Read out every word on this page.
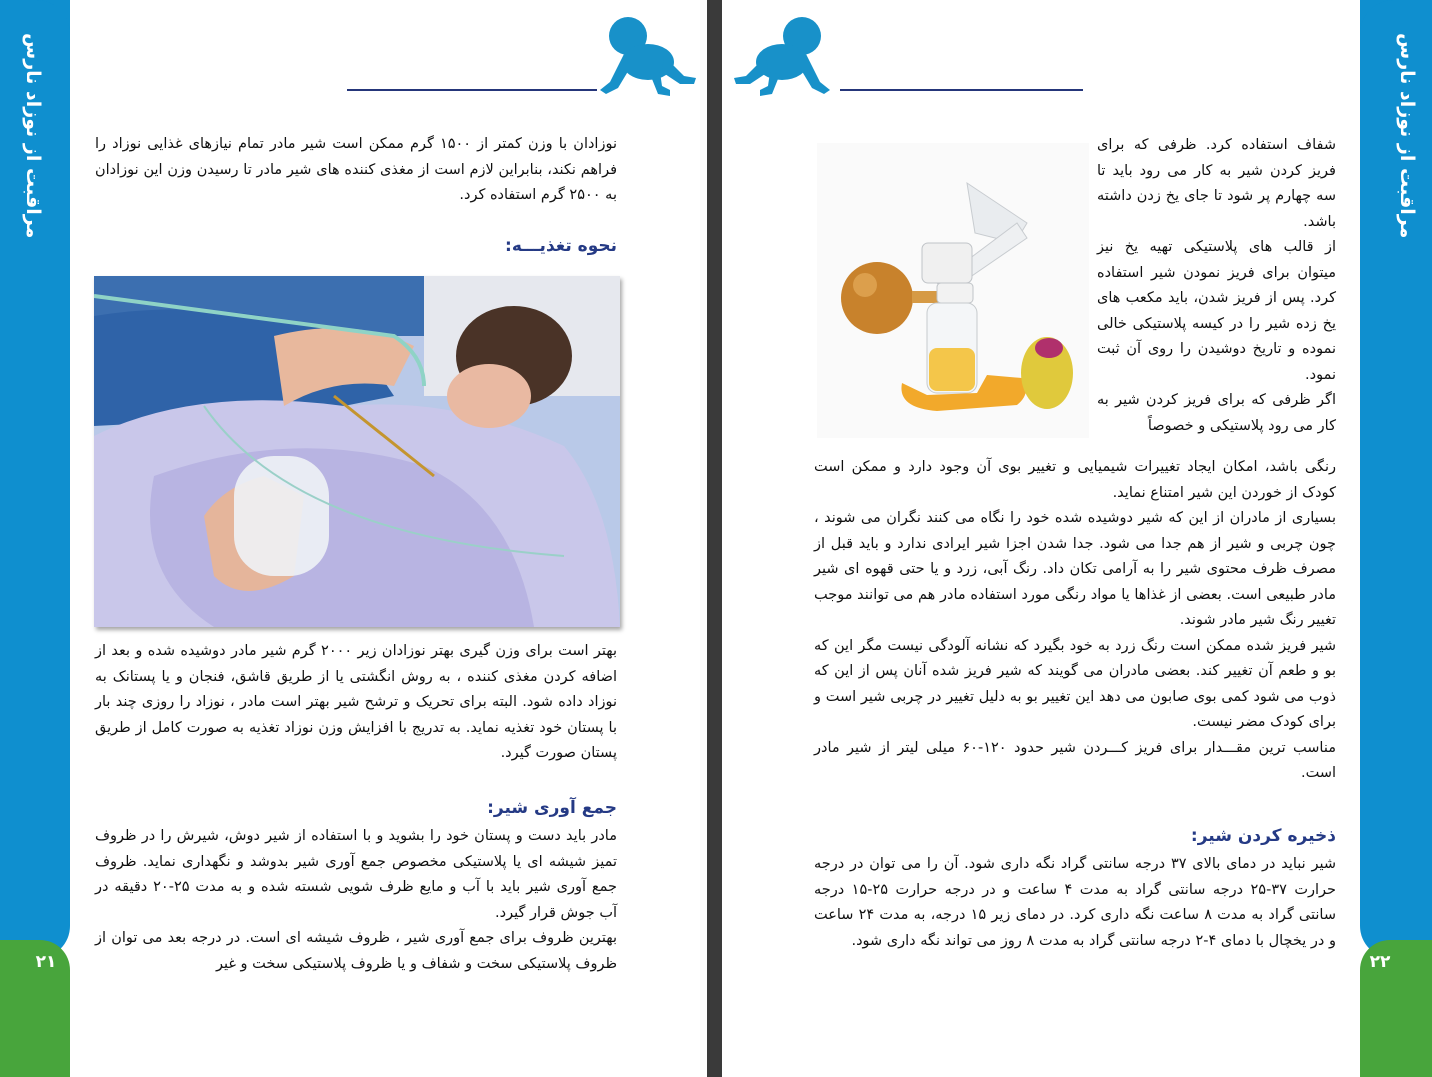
مراقبت از نوزاد نارس
۲۱
نوزادان با وزن کمتر از ۱۵۰۰ گرم ممکن است شیر مادر تمام نیازهای غذایی نوزاد را فراهم نکند، بنابراین لازم است از مغذی کننده های شیر مادر تا رسیدن وزن این نوزادان به ۲۵۰۰ گرم استفاده کرد.
نحوه تغذیـــه:
بهتر است برای وزن گیری بهتر نوزادان زیر ۲۰۰۰ گرم شیر مادر دوشیده شده و بعد از اضافه کردن مغذی کننده ، به روش انگشتی یا از طریق قاشق، فنجان و یا پستانک به نوزاد داده شود. البته برای تحریک و ترشح شیر بهتر است مادر ، نوزاد را روزی چند بار با پستان خود تغذیه نماید. به تدریج با افزایش وزن نوزاد تغذیه به صورت کامل از طریق پستان صورت گیرد.
جمع آوری شیر:

مادر باید دست و پستان خود را بشوید و با استفاده از شیر دوش، شیرش را در ظروف تمیز شیشه ای یا پلاستیکی مخصوص جمع آوری شیر بدوشد و نگهداری نماید. ظروف جمع آوری شیر باید با آب و مایع ظرف شویی شسته شده و به مدت ۲۵-۲۰ دقیقه در آب جوش قرار گیرد.

بهترین ظروف برای جمع آوری شیر ، ظروف شیشه ای است. در درجه بعد می توان از ظروف پلاستیکی سخت و شفاف و یا ظروف پلاستیکی سخت و غیر

مراقبت از نوزاد نارس
۲۲

شفاف استفاده کرد. ظرفی که برای فریز کردن شیر به کار می رود باید تا سه چهارم پر شود تا جای یخ زدن داشته باشد.

از قالب های پلاستیکی تهیه یخ نیز میتوان برای فریز نمودن شیر استفاده کرد. پس از فریز شدن، باید مکعب های یخ زده شیر را در کیسه پلاستیکی خالی نموده و تاریخ دوشیدن را روی آن ثبت نمود.

اگر ظرفی که برای فریز کردن شیر به کار می رود پلاستیکی و خصوصاً

رنگی باشد، امکان ایجاد تغییرات شیمیایی و تغییر بوی آن وجود دارد و ممکن است کودک از خوردن این شیر امتناع نماید.

بسیاری از مادران از این که شیر دوشیده شده خود را نگاه می کنند نگران می شوند ، چون چربی و شیر از هم جدا می شود. جدا شدن اجزا شیر ایرادی ندارد و باید قبل از مصرف ظرف محتوی شیر را به آرامی تکان داد. رنگ آبی، زرد و یا حتی قهوه ای شیر مادر طبیعی است. بعضی از غذاها یا مواد رنگی مورد استفاده مادر هم می توانند موجب تغییر رنگ شیر مادر شوند.

شیر فریز شده ممکن است رنگ زرد به خود بگیرد که نشانه آلودگی نیست مگر این که بو و طعم آن تغییر کند. بعضی مادران می گویند که شیر فریز شده آنان پس از این که ذوب می شود کمی بوی صابون می دهد این تغییر بو به دلیل تغییر در چربی شیر است و برای کودک مضر نیست.

مناسب ترین مقـــدار برای فریز کـــردن شیر حدود ۱۲۰-۶۰ میلی لیتر از شیر مادر است.

ذخیره کردن شیر:
شیر نباید در دمای بالای ۳۷ درجه سانتی گراد نگه داری شود. آن را می توان در درجه حرارت ۳۷-۲۵ درجه سانتی گراد به مدت ۴ ساعت و در درجه حرارت ۲۵-۱۵ درجه سانتی گراد به مدت ۸ ساعت نگه داری کرد. در دمای زیر ۱۵ درجه، به مدت ۲۴ ساعت و در یخچال با دمای ۴-۲ درجه سانتی گراد به مدت ۸ روز می تواند نگه داری شود.
